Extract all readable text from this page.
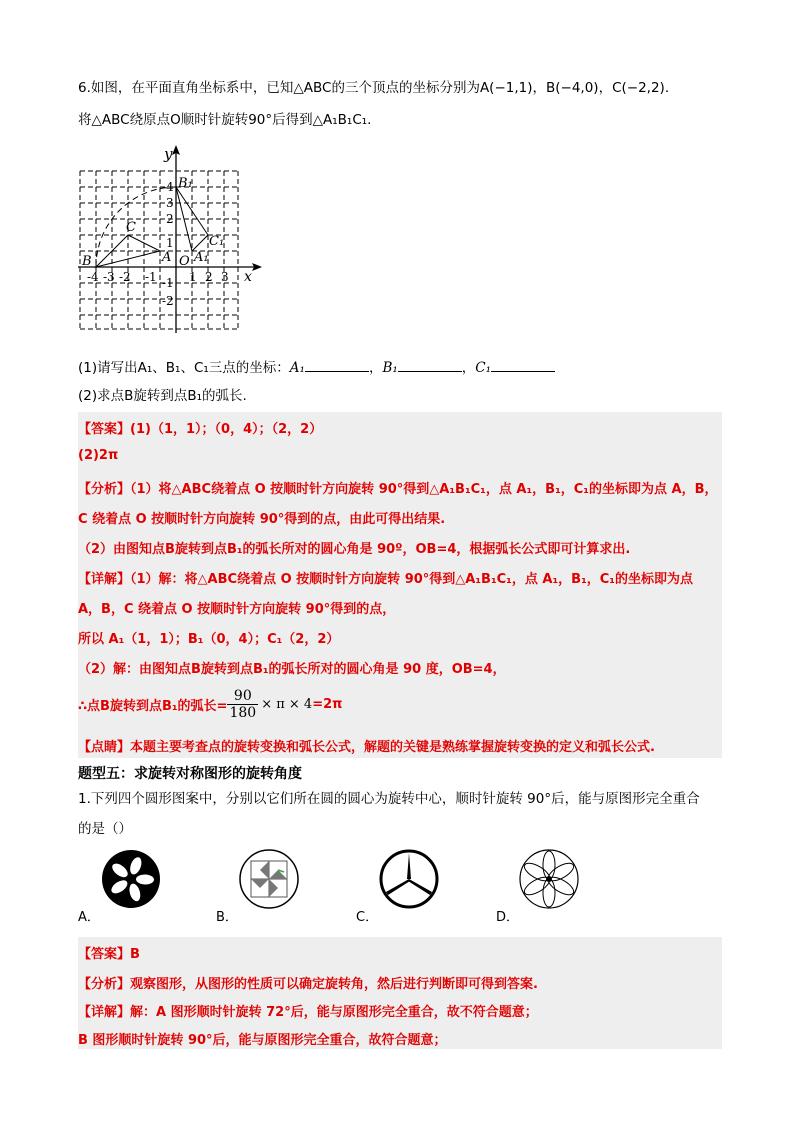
6.如图，在平面直角坐标系中，已知△ABC的三个顶点的坐标分别为A(−1,1)，B(−4,0)，C(−2,2).
将△ABC绕原点O顺时针旋转90°后得到△A₁B₁C₁.
y
x
O
B
C
A
B₁
C₁
A₁
-4 -3 -2 -1	1 2 3
4
3
2
1
-1
-2
(1)请写出A₁、B₁、C₁三点的坐标：A₁	，B₁	，C₁
(2)求点B旋转到点B₁的弧长.
【答案】(1)（1，1）；（0，4）；（2，2）
(2)2π
【分析】（1）将△ABC绕着点 O 按顺时针方向旋转 90°得到△A₁B₁C₁，点 A₁，B₁，C₁的坐标即为点 A，B，
C 绕着点 O 按顺时针方向旋转 90°得到的点，由此可得出结果.
（2）由图知点B旋转到点B₁的弧长所对的圆心角是 90º，OB=4，根据弧长公式即可计算求出.
【详解】（1）解：将△ABC绕着点 O 按顺时针方向旋转 90°得到△A₁B₁C₁，点 A₁，B₁，C₁的坐标即为点
A，B，C 绕着点 O 按顺时针方向旋转 90°得到的点，
所以 A₁（1，1）；B₁（0，4）；C₁（2，2）
（2）解：由图知点B旋转到点B₁的弧长所对的圆心角是 90 度，OB=4，
∴点B旋转到点B₁的弧长= $\frac{90}{180} \times \pi \times 4 =2\pi$
【点睛】本题主要考查点的旋转变换和弧长公式，解题的关键是熟练掌握旋转变换的定义和弧长公式.
题型五：求旋转对称图形的旋转角度
1.下列四个圆形图案中，分别以它们所在圆的圆心为旋转中心，顺时针旋转 90°后，能与原图形完全重合
的是（）
A．	B．	C．	D．
【答案】B
【分析】观察图形，从图形的性质可以确定旋转角，然后进行判断即可得到答案.
【详解】解：A 图形顺时针旋转 72°后，能与原图形完全重合，故不符合题意；
B 图形顺时针旋转 90°后，能与原图形完全重合，故符合题意；
